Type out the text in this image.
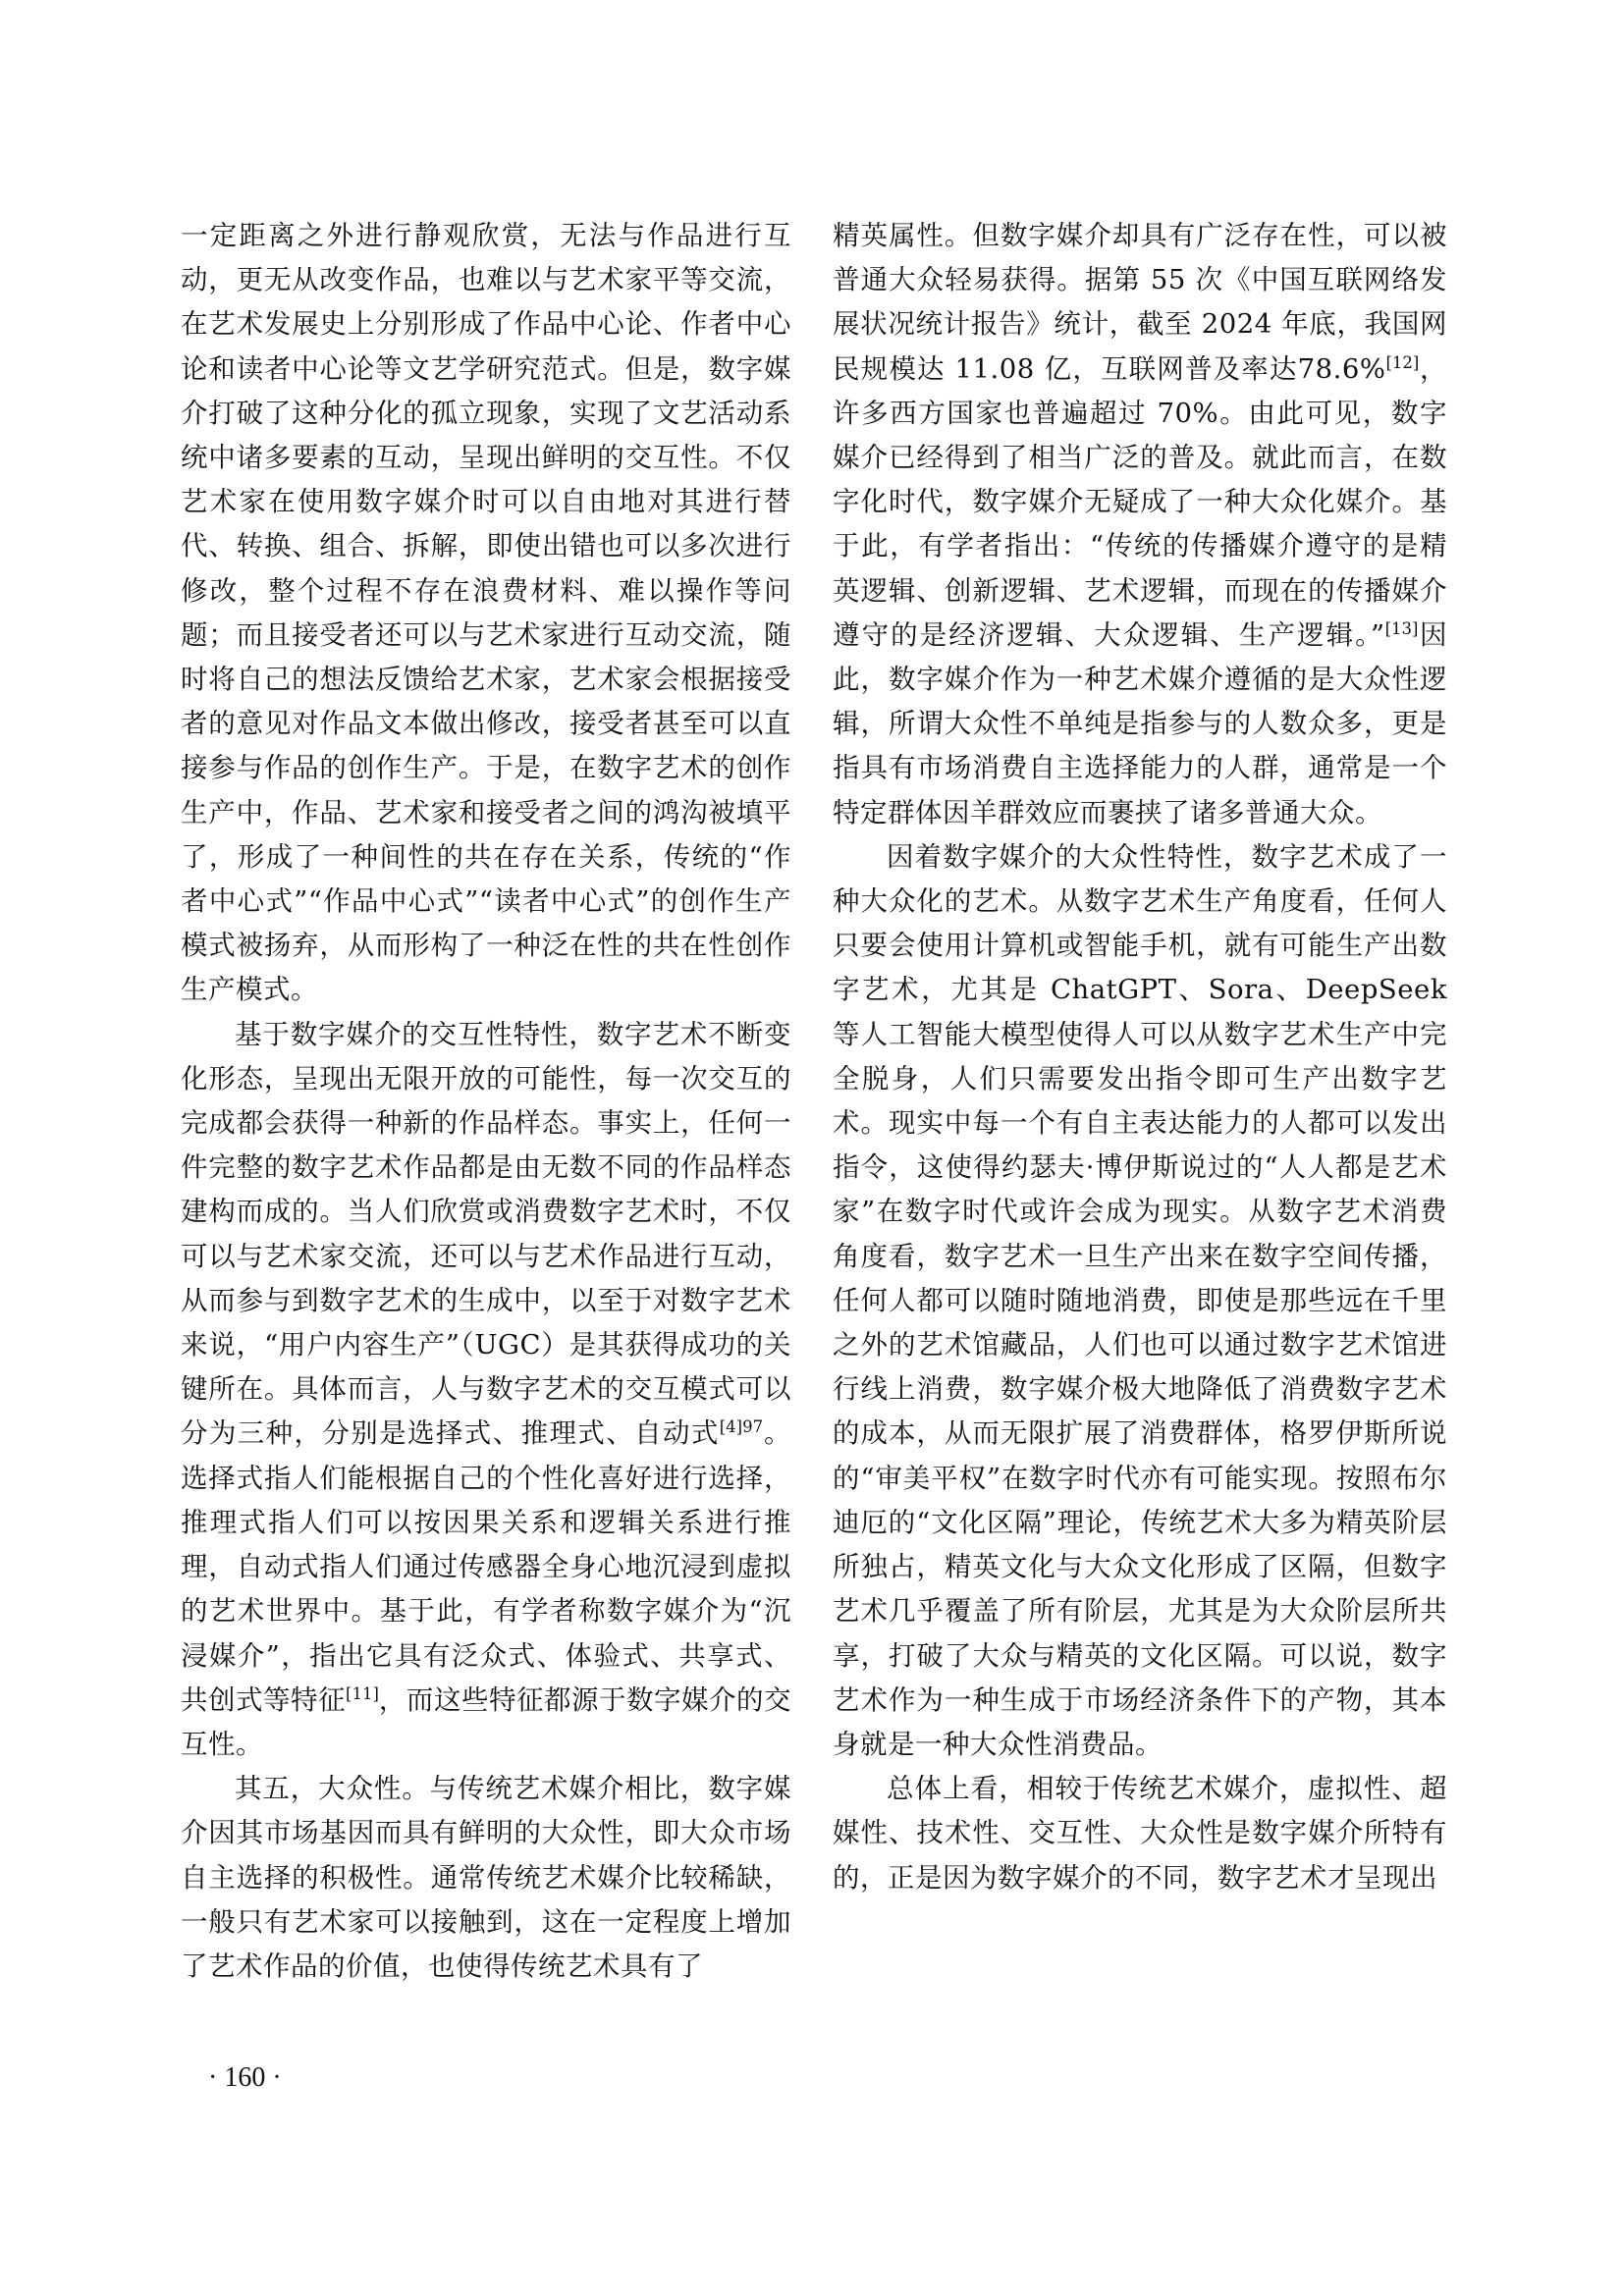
一定距离之外进行静观欣赏，无法与作品进行互动，更无从改变作品，也难以与艺术家平等交流，在艺术发展史上分别形成了作品中心论、作者中心论和读者中心论等文艺学研究范式。但是，数字媒介打破了这种分化的孤立现象，实现了文艺活动系统中诸多要素的互动，呈现出鲜明的交互性。不仅艺术家在使用数字媒介时可以自由地对其进行替代、转换、组合、拆解，即使出错也可以多次进行修改，整个过程不存在浪费材料、难以操作等问题；而且接受者还可以与艺术家进行互动交流，随时将自己的想法反馈给艺术家，艺术家会根据接受者的意见对作品文本做出修改，接受者甚至可以直接参与作品的创作生产。于是，在数字艺术的创作生产中，作品、艺术家和接受者之间的鸿沟被填平了，形成了一种间性的共在存在关系，传统的“作者中心式”“作品中心式”“读者中心式”的创作生产模式被扬弃，从而形构了一种泛在性的共在性创作生产模式。

基于数字媒介的交互性特性，数字艺术不断变化形态，呈现出无限开放的可能性，每一次交互的完成都会获得一种新的作品样态。事实上，任何一件完整的数字艺术作品都是由无数不同的作品样态建构而成的。当人们欣赏或消费数字艺术时，不仅可以与艺术家交流，还可以与艺术作品进行互动，从而参与到数字艺术的生成中，以至于对数字艺术来说，“用户内容生产”（UGC）是其获得成功的关键所在。具体而言，人与数字艺术的交互模式可以分为三种，分别是选择式、推理式、自动式$^{[4]97}$。选择式指人们能根据自己的个性化喜好进行选择，推理式指人们可以按因果关系和逻辑关系进行推理，自动式指人们通过传感器全身心地沉浸到虚拟的艺术世界中。基于此，有学者称数字媒介为“沉浸媒介”，指出它具有泛众式、体验式、共享式、共创式等特征[11]，而这些特征都源于数字媒介的交互性。

其五，大众性。与传统艺术媒介相比，数字媒介因其市场基因而具有鲜明的大众性，即大众市场自主选择的积极性。通常传统艺术媒介比较稀缺，一般只有艺术家可以接触到，这在一定程度上增加了艺术作品的价值，也使得传统艺术具有了

精英属性。但数字媒介却具有广泛存在性，可以被普通大众轻易获得。据第 55 次《中国互联网络发展状况统计报告》统计，截至 2024 年底，我国网民规模达 11.08 亿，互联网普及率达78.6%[12]，许多西方国家也普遍超过 70%。由此可见，数字媒介已经得到了相当广泛的普及。就此而言，在数字化时代，数字媒介无疑成了一种大众化媒介。基于此，有学者指出：“传统的传播媒介遵守的是精英逻辑、创新逻辑、艺术逻辑，而现在的传播媒介遵守的是经济逻辑、大众逻辑、生产逻辑。”[13]因此，数字媒介作为一种艺术媒介遵循的是大众性逻辑，所谓大众性不单纯是指参与的人数众多，更是指具有市场消费自主选择能力的人群，通常是一个特定群体因羊群效应而裹挟了诸多普通大众。

因着数字媒介的大众性特性，数字艺术成了一种大众化的艺术。从数字艺术生产角度看，任何人只要会使用计算机或智能手机，就有可能生产出数字艺术，尤其是 ChatGPT、Sora、DeepSeek 等人工智能大模型使得人可以从数字艺术生产中完全脱身，人们只需要发出指令即可生产出数字艺术。现实中每一个有自主表达能力的人都可以发出指令，这使得约瑟夫·博伊斯说过的“人人都是艺术家”在数字时代或许会成为现实。从数字艺术消费角度看，数字艺术一旦生产出来在数字空间传播，任何人都可以随时随地消费，即使是那些远在千里之外的艺术馆藏品，人们也可以通过数字艺术馆进行线上消费，数字媒介极大地降低了消费数字艺术的成本，从而无限扩展了消费群体，格罗伊斯所说的“审美平权”在数字时代亦有可能实现。按照布尔迪厄的“文化区隔”理论，传统艺术大多为精英阶层所独占，精英文化与大众文化形成了区隔，但数字艺术几乎覆盖了所有阶层，尤其是为大众阶层所共享，打破了大众与精英的文化区隔。可以说，数字艺术作为一种生成于市场经济条件下的产物，其本身就是一种大众性消费品。

总体上看，相较于传统艺术媒介，虚拟性、超媒性、技术性、交互性、大众性是数字媒介所特有的，正是因为数字媒介的不同，数字艺术才呈现出

· 160 ·
